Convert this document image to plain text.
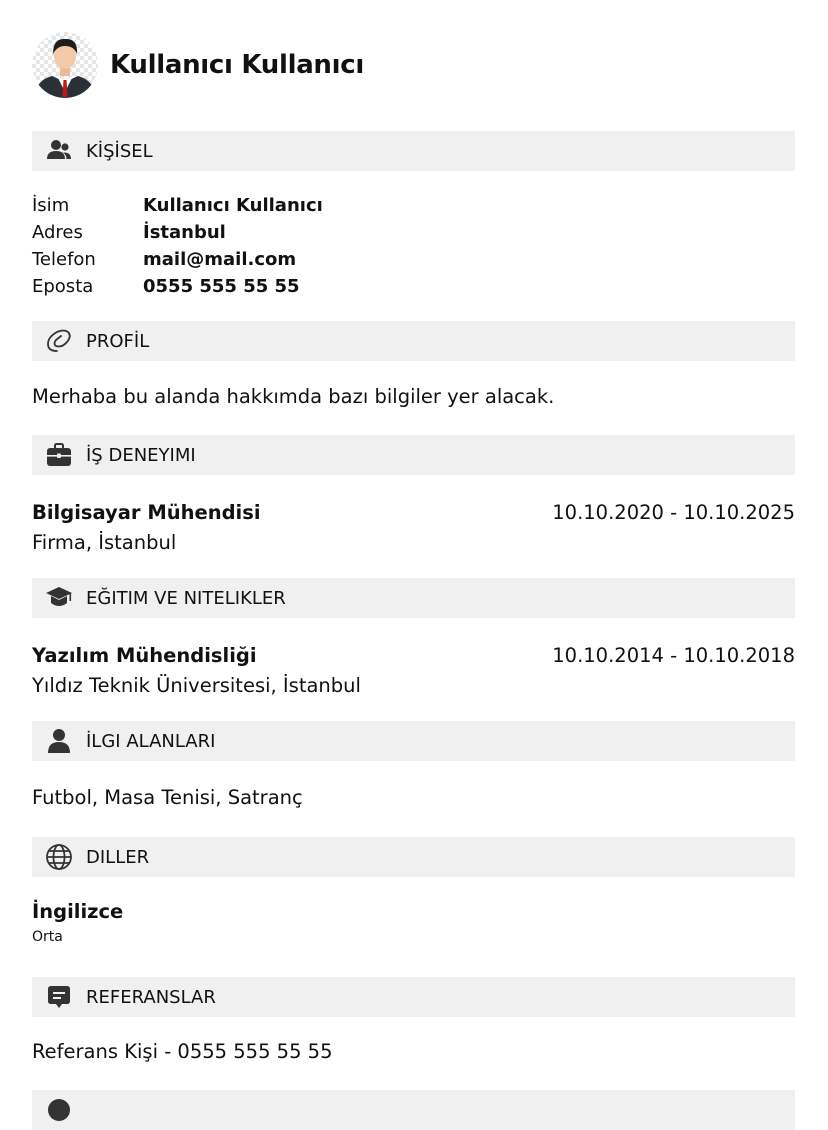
Kullanıcı Kullanıcı
KİŞİSEL
İsim	Kullanıcı Kullanıcı
Adres	İstanbul
Telefon	mail@mail.com
Eposta	0555 555 55 55
PROFİL
Merhaba bu alanda hakkımda bazı bilgiler yer alacak.
İŞ DENEYIMI
Bilgisayar Mühendisi	10.10.2020 - 10.10.2025
Firma, İstanbul
EĞITIM VE NITELIKLER
Yazılım Mühendisliği	10.10.2014 - 10.10.2018
Yıldız Teknik Üniversitesi, İstanbul
İLGI ALANLARI
Futbol, Masa Tenisi, Satranç
DILLER
İngilizce
Orta
REFERANSLAR
Referans Kişi - 0555 555 55 55
